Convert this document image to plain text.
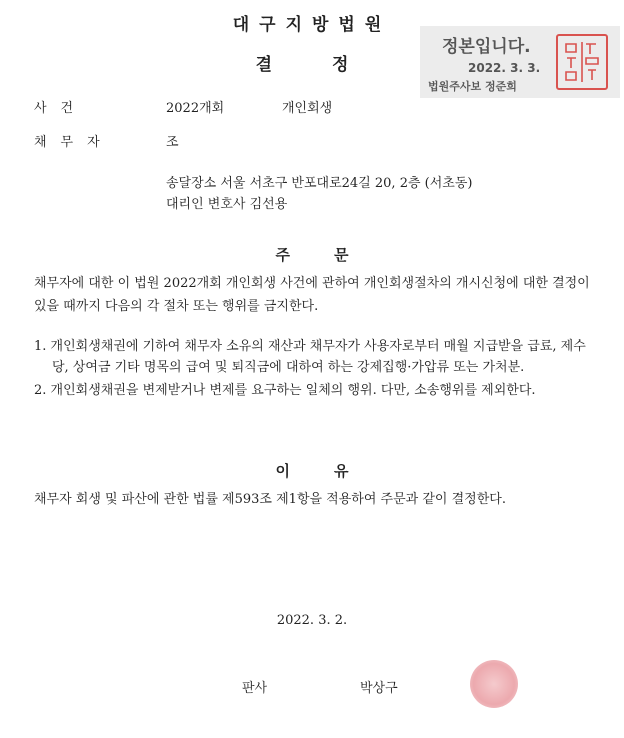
대구지방법원
결정
정본입니다.
2022. 3. 3.
법원주사보 정준희
사건	2022개회	개인회생
채무자	조
송달장소 서울 서초구 반포대로24길 20, 2층 (서초동)
대리인 변호사 김선용
주문
채무자에 대한 이 법원 2022개회 개인회생 사건에 관하여 개인회생절차의 개시신청에 대한 결정이 있을 때까지 다음의 각 절차 또는 행위를 금지한다.
1. 개인회생채권에 기하여 채무자 소유의 재산과 채무자가 사용자로부터 매월 지급받을 급료, 제수당, 상여금 기타 명목의 급여 및 퇴직금에 대하여 하는 강제집행·가압류 또는 가처분.
2. 개인회생채권을 변제받거나 변제를 요구하는 일체의 행위. 다만, 소송행위를 제외한다.
이유
채무자 회생 및 파산에 관한 법률 제593조 제1항을 적용하여 주문과 같이 결정한다.
2022. 3. 2.
판사	박상구
